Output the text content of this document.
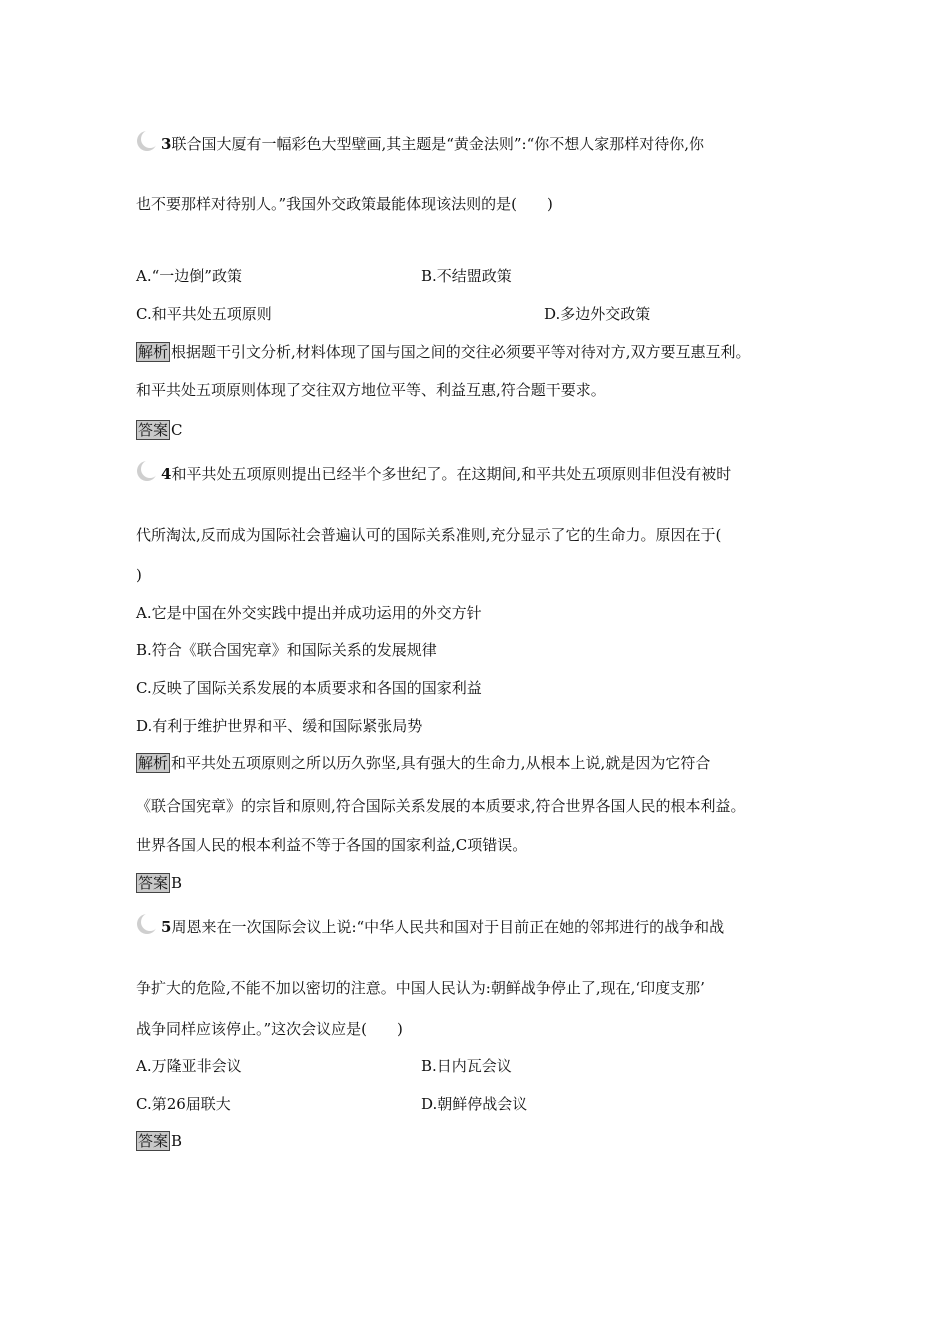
3联合国大厦有一幅彩色大型壁画,其主题是“黄金法则”:“你不想人家那样对待你,你
也不要那样对待别人。”我国外交政策最能体现该法则的是(　　)
A.“一边倒”政策	B.不结盟政策
C.和平共处五项原则	D.多边外交政策
解析 根据题干引文分析,材料体现了国与国之间的交往必须要平等对待对方,双方要互惠互利。
和平共处五项原则体现了交往双方地位平等、利益互惠,符合题干要求。
答案 C
4和平共处五项原则提出已经半个多世纪了。在这期间,和平共处五项原则非但没有被时
代所淘汰,反而成为国际社会普遍认可的国际关系准则,充分显示了它的生命力。原因在于(
)
A.它是中国在外交实践中提出并成功运用的外交方针
B.符合《联合国宪章》和国际关系的发展规律
C.反映了国际关系发展的本质要求和各国的国家利益
D.有利于维护世界和平、缓和国际紧张局势
解析 和平共处五项原则之所以历久弥坚,具有强大的生命力,从根本上说,就是因为它符合
《联合国宪章》的宗旨和原则,符合国际关系发展的本质要求,符合世界各国人民的根本利益。
世界各国人民的根本利益不等于各国的国家利益,C项错误。
答案 B
5周恩来在一次国际会议上说:“中华人民共和国对于目前正在她的邻邦进行的战争和战
争扩大的危险,不能不加以密切的注意。中国人民认为:朝鲜战争停止了,现在,‘印度支那’
战争同样应该停止。”这次会议应是(　　)
A.万隆亚非会议	B.日内瓦会议
C.第26届联大	D.朝鲜停战会议
答案 B
